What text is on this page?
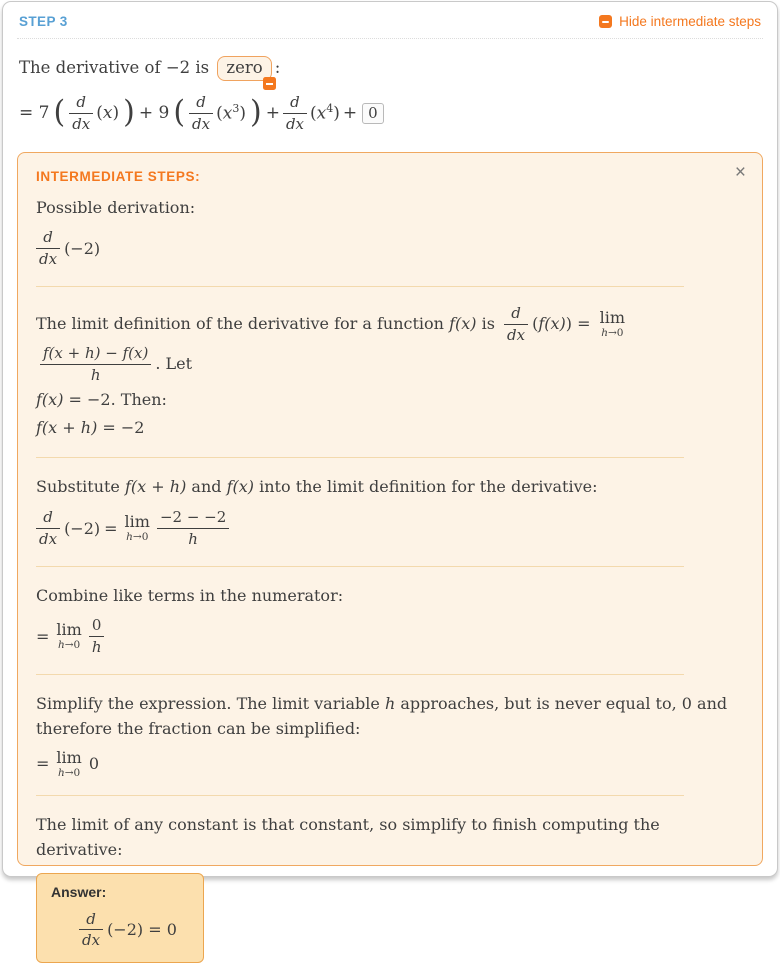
STEP 3	Hide intermediate steps
The derivative of −2 is zero :
= 7 ( $\frac{d}{dx} (x)$ ) + 9 ( $\frac{d}{dx} (x^3)$ ) + $\frac{d}{dx} (x^4) + 0$
INTERMEDIATE STEPS:	×
Possible derivation:
$\frac{d}{dx} (-2)$
The limit definition of the derivative for a function f(x) is $\frac{d}{dx} (f(x)) = \lim$
h→0

$\frac{f(x + h) - f(x)}{h}$ . Let
f(x) = −2. Then:
f(x + h) = −2
Substitute f(x + h) and f(x) into the limit definition for the derivative:
$\frac{d}{dx} (-2) = \lim$
$h\to 0 \frac{-2 - -2}{h}$
Combine like terms in the numerator:
= lim
$h\to 0 \frac{0}{h}$
Simplify the expression. The limit variable h approaches, but is never equal to, 0 and therefore the fraction can be simplified:
= lim
h→0 0
The limit of any constant is that constant, so simplify to finish computing the derivative:
Answer:
$\frac{d}{dx} (-2) = 0$
